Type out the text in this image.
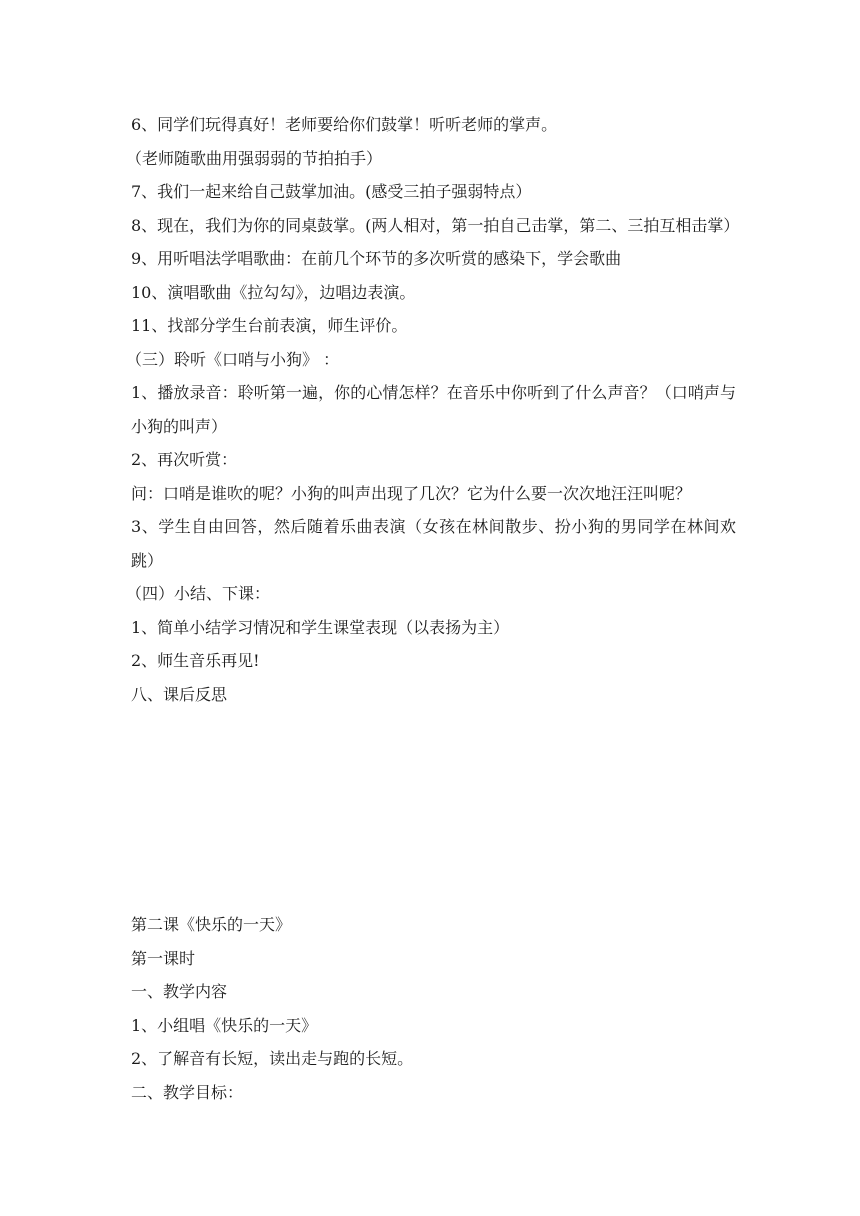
6、同学们玩得真好！老师要给你们鼓掌！听听老师的掌声。
（老师随歌曲用强弱弱的节拍拍手）
7、我们一起来给自己鼓掌加油。(感受三拍子强弱特点）
8、现在，我们为你的同桌鼓掌。(两人相对，第一拍自己击掌，第二、三拍互相击掌）
9、用听唱法学唱歌曲：在前几个环节的多次听赏的感染下，学会歌曲
10、演唱歌曲《拉勾勾》，边唱边表演。
11、找部分学生台前表演，师生评价。
（三）聆听《口哨与小狗》 ：
1、播放录音：聆听第一遍，你的心情怎样？在音乐中你听到了什么声音？（口哨声与小狗的叫声）
2、再次听赏：
问：口哨是谁吹的呢？小狗的叫声出现了几次？它为什么要一次次地汪汪叫呢？
3、学生自由回答，然后随着乐曲表演（女孩在林间散步、扮小狗的男同学在林间欢跳）
（四）小结、下课：
1、简单小结学习情况和学生课堂表现（以表扬为主）
2、师生音乐再见!
八、课后反思
第二课《快乐的一天》
第一课时
一、教学内容
1、小组唱《快乐的一天》
2、了解音有长短，读出走与跑的长短。
二、教学目标：
